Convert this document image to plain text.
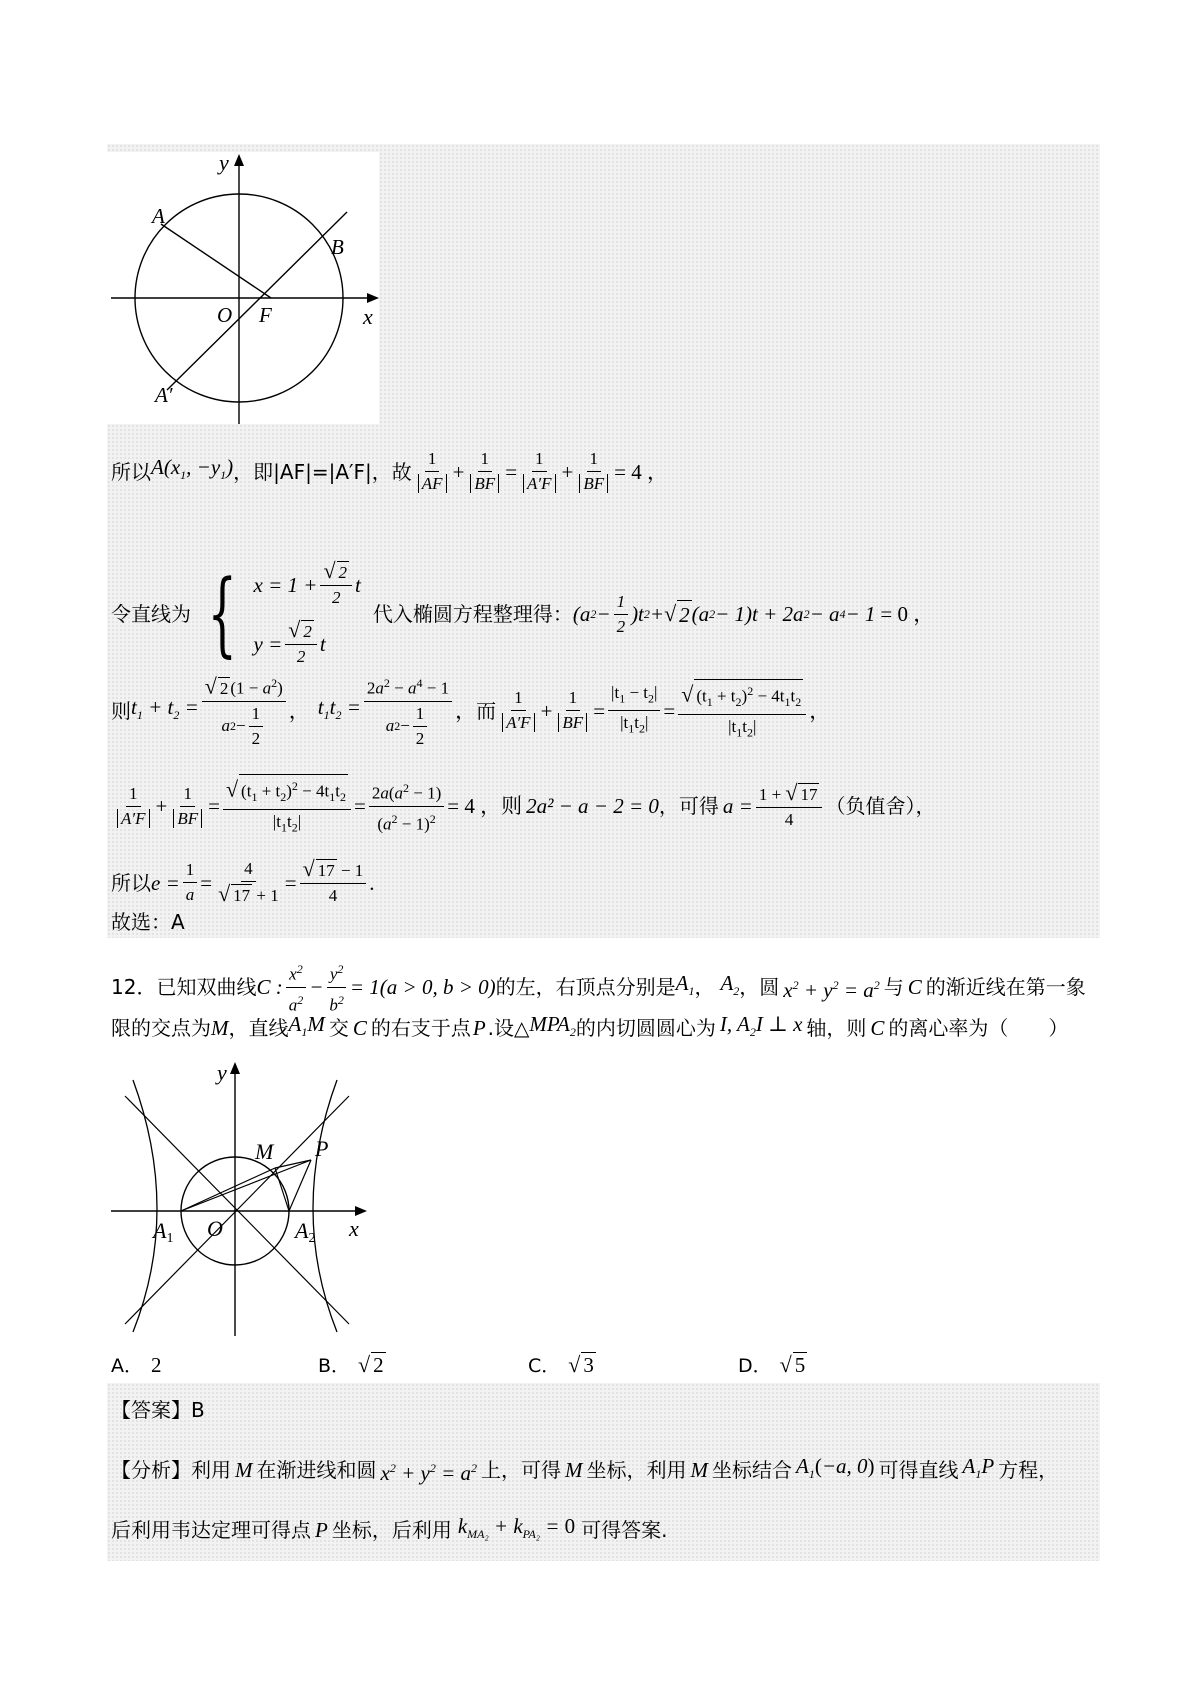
y
A
B
O F	x
A′
所以 $A(x_1$, $-y_1$) ，即|AF|=|A′F|，故 $\frac{1}{AF} + \frac{1}{BF} = \frac{1}{A'F} + \frac{1}{BF} = 4$ ，
令直线为 { $x = 1 + \frac{√ 2}{2}$ t
$y = \frac{√ 2}{2}$ t
代入椭圆方程整理得： (a $2 - \frac{1}{2} )t$ 2 + √ 2 (a 2 − 1)t + 2a 2 − a 4 − 1 = 0 ，
则 $t_1 + t_2 = \frac{√ 2 (1 - a^2)}{a 2 - \frac{1}{2}}$ ， $t_1t_2 = \frac{2a^2 - a^4 - 1}{a 2 - \frac{1}{2}}$ ， 而 $\frac{1}{A'F} + \frac{1}{BF} = \frac{|t_1 - t_2|}{|t_1t_2|} = \frac{√ (t_1 + t_2)^2 - 4t_1t_2}{|t_1t_2|}$ ，
$\frac{1}{A'F} + \frac{1}{BF} = \frac{√ (t_1 + t_2)^2 - 4t_1t_2}{|t_1t_2|} = \frac{2a(a^2 - 1)}{(a^2 - 1)^2} = 4$ ，则 2a² − a − 2 = 0 ，可得 $a = \frac{1 + √ 17}{4}$ （负值舍），
所以 $e = \frac{1}{a} = \frac{4}{√ 17 + 1} = \frac{√ 17 - 1}{4}$ .
故选：A
12．已知双曲线 C : $\frac{x^2}{a^2} - \frac{y^2}{b^2} = 1(a > 0$, b > 0) 的左，右顶点分别是 $A_1$ ， $A_2$ ，圆 $x^2 + y^2 = a^2$ 与 C 的渐近线在第一象
限的交点为 M ，直线 $A_1M$ 交 C 的右支于点 P .设△ $MPA_2$ 的内切圆圆心为 I, $A_2I$ ⊥ x 轴，则 C 的离心率为（　　）
y
M P
O	x
A1	A2
A． 2	B． √ 2	C． √ 3	D． √ 5
【答案】 B
【分析】 利用 M 在渐进线和圆 $x^2 + y^2 = a^2$ 上，可得 M 坐标，利用 M 坐标结合 $A_1(-a$, 0) 可得直线 $A_1P$ 方程，
后利用韦达定理可得点 P 坐标，后利用 $k_{MA_2} + k_{PA_2} = 0$ 可得答案.
